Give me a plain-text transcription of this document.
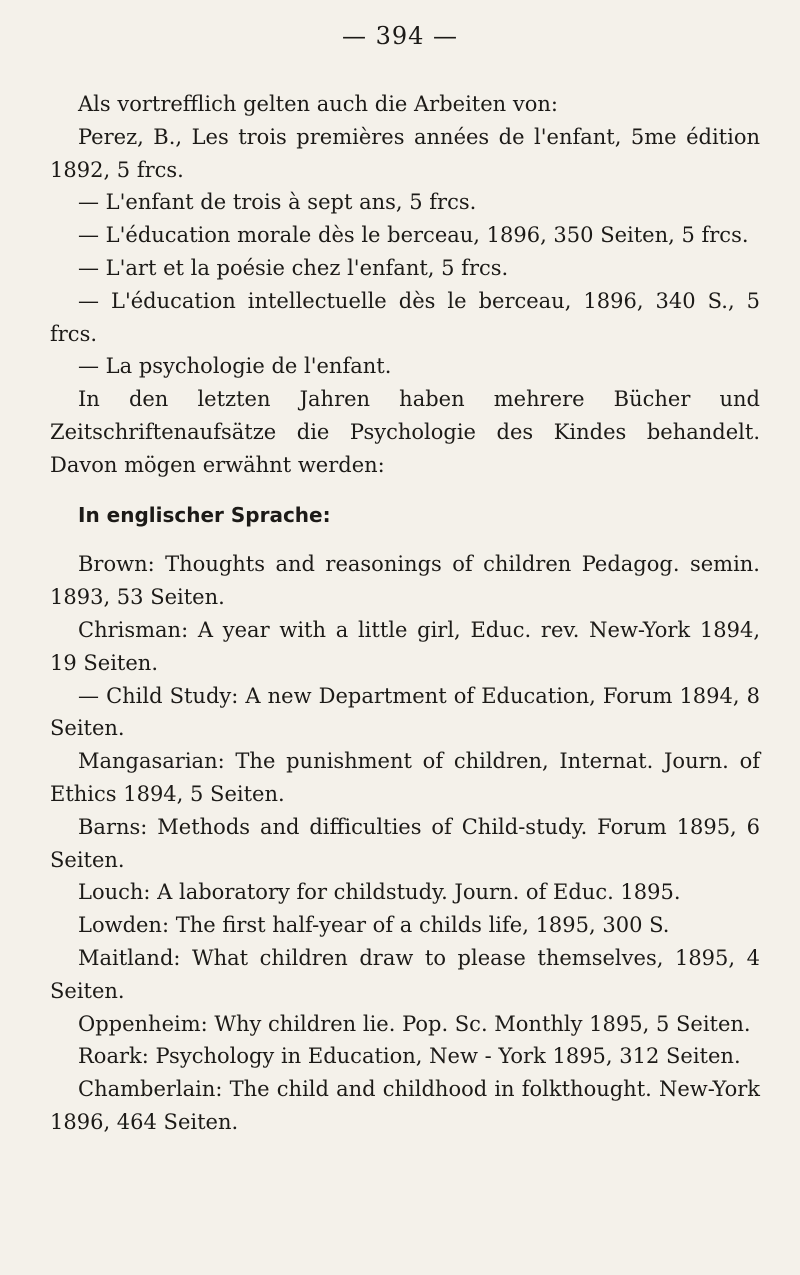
— 394 —

Als vortrefflich gelten auch die Arbeiten von:

Perez, B., Les trois premières années de l'enfant, 5me édition 1892, 5 frcs.

— L'enfant de trois à sept ans, 5 frcs.

— L'éducation morale dès le berceau, 1896, 350 Seiten, 5 frcs.

— L'art et la poésie chez l'enfant, 5 frcs.

— L'éducation intellectuelle dès le berceau, 1896, 340 S., 5 frcs.

— La psychologie de l'enfant.

In den letzten Jahren haben mehrere Bücher und Zeitschriftenaufsätze die Psychologie des Kindes behandelt. Davon mögen erwähnt werden:

In englischer Sprache:

Brown: Thoughts and reasonings of children Pedagog. semin. 1893, 53 Seiten.

Chrisman: A year with a little girl, Educ. rev. New-York 1894, 19 Seiten.

— Child Study: A new Department of Education, Forum 1894, 8 Seiten.

Mangasarian: The punishment of children, Internat. Journ. of Ethics 1894, 5 Seiten.

Barns: Methods and difficulties of Child-study. Forum 1895, 6 Seiten.

Louch: A laboratory for childstudy. Journ. of Educ. 1895.

Lowden: The first half-year of a childs life, 1895, 300 S.

Maitland: What children draw to please themselves, 1895, 4 Seiten.

Oppenheim: Why children lie. Pop. Sc. Monthly 1895, 5 Seiten.

Roark: Psychology in Education, New - York 1895, 312 Seiten.

Chamberlain: The child and childhood in folkthought. New-York 1896, 464 Seiten.
